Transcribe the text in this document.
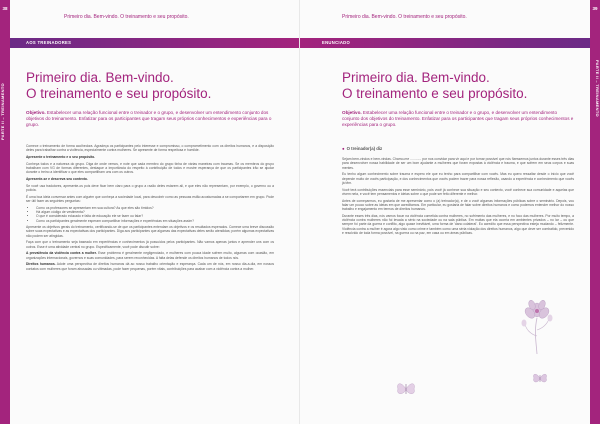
38
PARTE II – TREINAMENTO
Primeiro dia. Bem-vindo. O treinamento e seu propósito.
AOS TREINADORES
Primeiro dia. Bem-vindo.
O treinamento e seu propósito.
Objetivo. Estabelecer uma relação funcional entre o treinador e o grupo, e desenvolver um entendimento conjunto dos objetivos do treinamento. Enfatizar para os participantes que tragam seus próprios conhecimentos e experiências para o grupo.

Comece o treinamento de forma acolhedora. Agradeça os participantes pelo interesse e compromisso, o comprometimento com os direitos humanos, e a disposição deles para trabalhar contra a violência, especialmente contra mulheres. Se apresente de forma respeitosa e humilde.

Apresente o treinamento e o seu propósito.

Conheça todos e a natureza do grupo. Diga de onde vemos, e note que cada membro do grupo tinha de várias maneiras com traumas. Se os membros do grupo trabalham com VG de formas diferentes, destaque a importância do respeito à contribuição de todos e mostre esperança de que os participantes irão se ajudar durante o treino a identificar o que eles compartilham uns com os outros.

Apresente-se e descreva seu contexto.

Se você usa tradutores, apresente-os pois deve ficar bem claro para o grupo a razão deles estarem ali, e que eles não representam, por exemplo, o governo ou a polícia.

É uma boa ideia conversar antes com alguém que conheça a sociedade local, para descobrir como as pessoas estão acostumadas a se comportarem em grupo. Pode ser útil fazer as seguintes perguntas:

• Como os professores se apresentam em sua cultura? As que eles são tímidos?
• Há algum código de vestimenta?
• O que é considerado educado e falta de educação ele se fazer ou falar?
• Como os participantes geralmente esperam compartilhar informações e experiências em situações assim?

Apresente os objetivos gerais do treinamento, certificando-se de que os participantes entendam os objetivos e os resultados esperados. Comece uma breve discussão sobre suas expectativas e as expectativas dos participantes. Diga aos participantes que algumas das expectativas deles serão atendidas; porém algumas expectativas não podem ser atingidas.

Faça com que o treinamento seja baseado em experiências e conhecimentos já possuídos pelos participantes. Não vamos apenas juntos e aprender uns com os outros. Esse é uma atividade central no grupo. Especificamente, você pode discutir sobre:

A prevalência da violência contra a mulher. Esse problema é geralmente negligenciado, e mulheres com pouca idade sofrem muito, algumas com ocasião, em organizações internacionais, governos e suas comunidades, para serem reconhecidas. A falta delas defende os direitos humanos de todos nós.

Direitos humanos. Adote uma perspectiva de direitos humanos dá ao nosso trabalho orientação e esperança. Cada um de nós, em nosso dia-a-dia, em nossos contatos com mulheres que foram abusadas ou vitimadas, pode fazer pequenas, porém vitais, contribuições para acabar com a violência contra a mulher.

39
PARTE II – TREINAMENTO
Primeiro dia. Bem-vindo. O treinamento e seu propósito.
ENUNCIADO
Primeiro dia. Bem-vindo.
O treinamento e seu propósito.
Objetivo. Estabelecer uma relação funcional entre o treinador e o grupo, e desenvolver um entendimento conjunto dos objetivos do treinamento. Enfatizar para os participantes que tragam seus próprios conhecimentos e experiências para o grupo.
● O treinador(a) diz

Sejam bem-vindos e bem-vindas. Chamo-me ............ por nos convidar para vir aqui e por tornar possível que nós fizessemos juntos durante esses três dias para desenvolver nossa habilidade de ser um bom ajudante a mulheres que foram expostas à violência e trauma, e que sofrem em seus corpos e suas mentes.

Eu tenho algum conhecimento sobre trauma e espero ele que eu tenho para compartilhar com vocês. Mas eu quero ressaltar desde o início que você depende muito de vocês participação, e dos conhecimentos que vocês podem trazer para nossa reflexão, usando a experiência e conhecimento que vocês já têm.

Você terá contribuições essenciais para esse seminário, pois você já conhece sua situação e seu contexto, você conhece sua comunidade e aquelas que vivem nela, e você tem pensamentos e ideias sobre o que pode ser feito diferente e melhor.

Antes de começarmos, eu gostaria de me apresentar como o (a) treinador(a), e de o você algumas informações públicas sobre o seminário. Depois, vou falar um pouco sobre as ideias em que acreditamos. Em particular, eu gostaria de falar sobre direitos humanos e como podemos entender melhor do nosso trabalho e engajamento em termos de direitos humanos.

Durante esses três dias, nós vamos focar na violência cometida contra mulheres, no sofrimento das mulheres, e no foco das mulheres. Por muito tempo, a violência contra mulheres não foi levada a sério na sociedade ou na sala pública. Em muitas que ela ocorria em ambientes privados – no lar – ou que sempre foi parte da guerra e conflito, algo quase inevitável, uma forma de 'dano colateral'. Eu acredito que essa perspectiva esteja mudando – felizmente. Violência contra a mulher é agora algo visto como crime e também como uma séria violação dos direitos humanos, algo que deve ser combatido, prevenido e resolvido de toda forma possível, na guerra ou na paz, em casa ou em áreas públicas.
